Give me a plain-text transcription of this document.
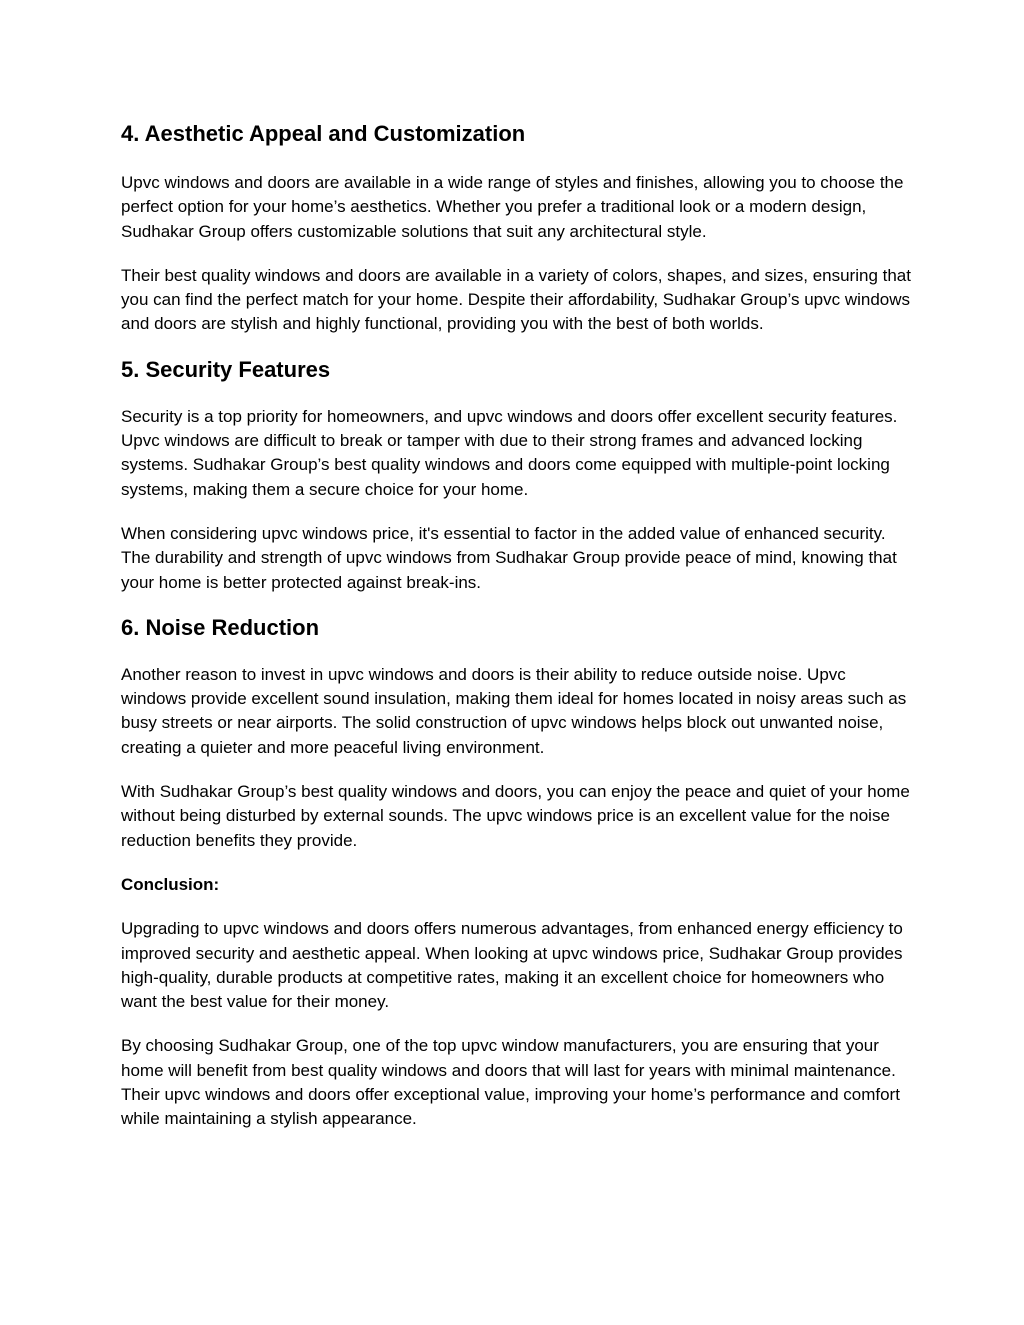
4. Aesthetic Appeal and Customization

Upvc windows and doors are available in a wide range of styles and finishes, allowing you to choose the perfect option for your home’s aesthetics. Whether you prefer a traditional look or a modern design, Sudhakar Group offers customizable solutions that suit any architectural style.

Their best quality windows and doors are available in a variety of colors, shapes, and sizes, ensuring that you can find the perfect match for your home. Despite their affordability, Sudhakar Group’s upvc windows and doors are stylish and highly functional, providing you with the best of both worlds.

5. Security Features

Security is a top priority for homeowners, and upvc windows and doors offer excellent security features. Upvc windows are difficult to break or tamper with due to their strong frames and advanced locking systems. Sudhakar Group’s best quality windows and doors come equipped with multiple-point locking systems, making them a secure choice for your home.

When considering upvc windows price, it's essential to factor in the added value of enhanced security. The durability and strength of upvc windows from Sudhakar Group provide peace of mind, knowing that your home is better protected against break-ins.

6. Noise Reduction

Another reason to invest in upvc windows and doors is their ability to reduce outside noise. Upvc windows provide excellent sound insulation, making them ideal for homes located in noisy areas such as busy streets or near airports. The solid construction of upvc windows helps block out unwanted noise, creating a quieter and more peaceful living environment.

With Sudhakar Group’s best quality windows and doors, you can enjoy the peace and quiet of your home without being disturbed by external sounds. The upvc windows price is an excellent value for the noise reduction benefits they provide.

Conclusion:

Upgrading to upvc windows and doors offers numerous advantages, from enhanced energy efficiency to improved security and aesthetic appeal. When looking at upvc windows price, Sudhakar Group provides high-quality, durable products at competitive rates, making it an excellent choice for homeowners who want the best value for their money.

By choosing Sudhakar Group, one of the top upvc window manufacturers, you are ensuring that your home will benefit from best quality windows and doors that will last for years with minimal maintenance. Their upvc windows and doors offer exceptional value, improving your home’s performance and comfort while maintaining a stylish appearance.
